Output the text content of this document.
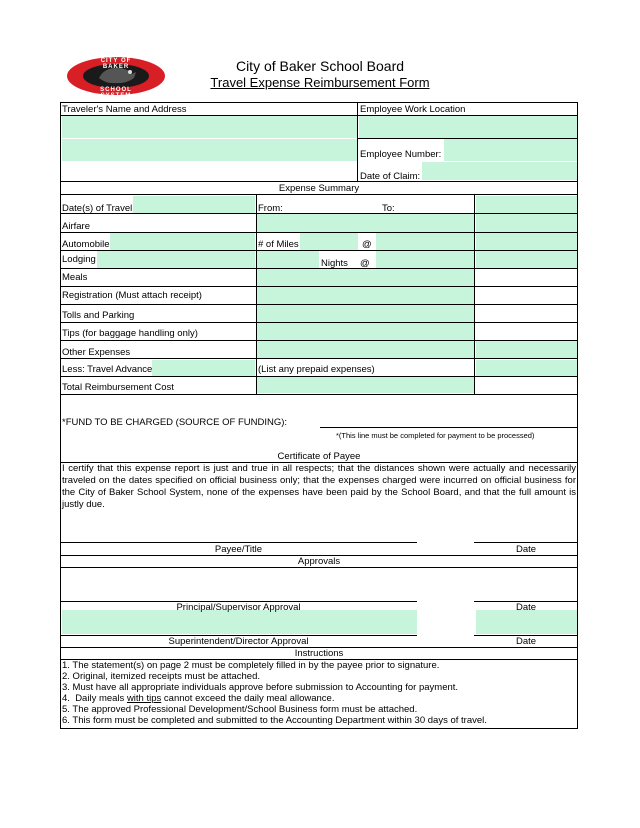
CITY OF BAKER
SCHOOL SYSTEM
City of Baker School Board
Travel Expense Reimbursement Form
Traveler's Name and Address	Employee Work Location
Employee Number:
Date of Claim:
Expense Summary
Date(s) of Travel	From:	To:
Airfare
Automobile	# of Miles	@
Lodging	Nights @
Meals
Registration (Must attach receipt)
Tolls and Parking
Tips (for baggage handling only)
Other Expenses
Less: Travel Advance	(List any prepaid expenses)
Total Reimbursement Cost
*FUND TO BE CHARGED (SOURCE OF FUNDING):
*(This line must be completed for payment to be processed)
Certificate of Payee
I certify that this expense report is just and true in all respects; that the distances shown were actually and necessarily traveled on the dates specified on official business only; that the expenses charged were incurred on official business for the City of Baker School System, none of the expenses have been paid by the School Board, and that the full amount is justly due.
Payee/Title	Date
Approvals
Principal/Supervisor Approval	Date
Superintendent/Director Approval	Date
Instructions
1. The statement(s) on page 2 must be completely filled in by the payee prior to signature.
2. Original, itemized receipts must be attached.
3. Must have all appropriate individuals approve before submission to Accounting for payment.
4.  Daily meals with tips cannot exceed the daily meal allowance.
5. The approved Professional Development/School Business form must be attached.
6. This form must be completed and submitted to the Accounting Department within 30 days of travel.
